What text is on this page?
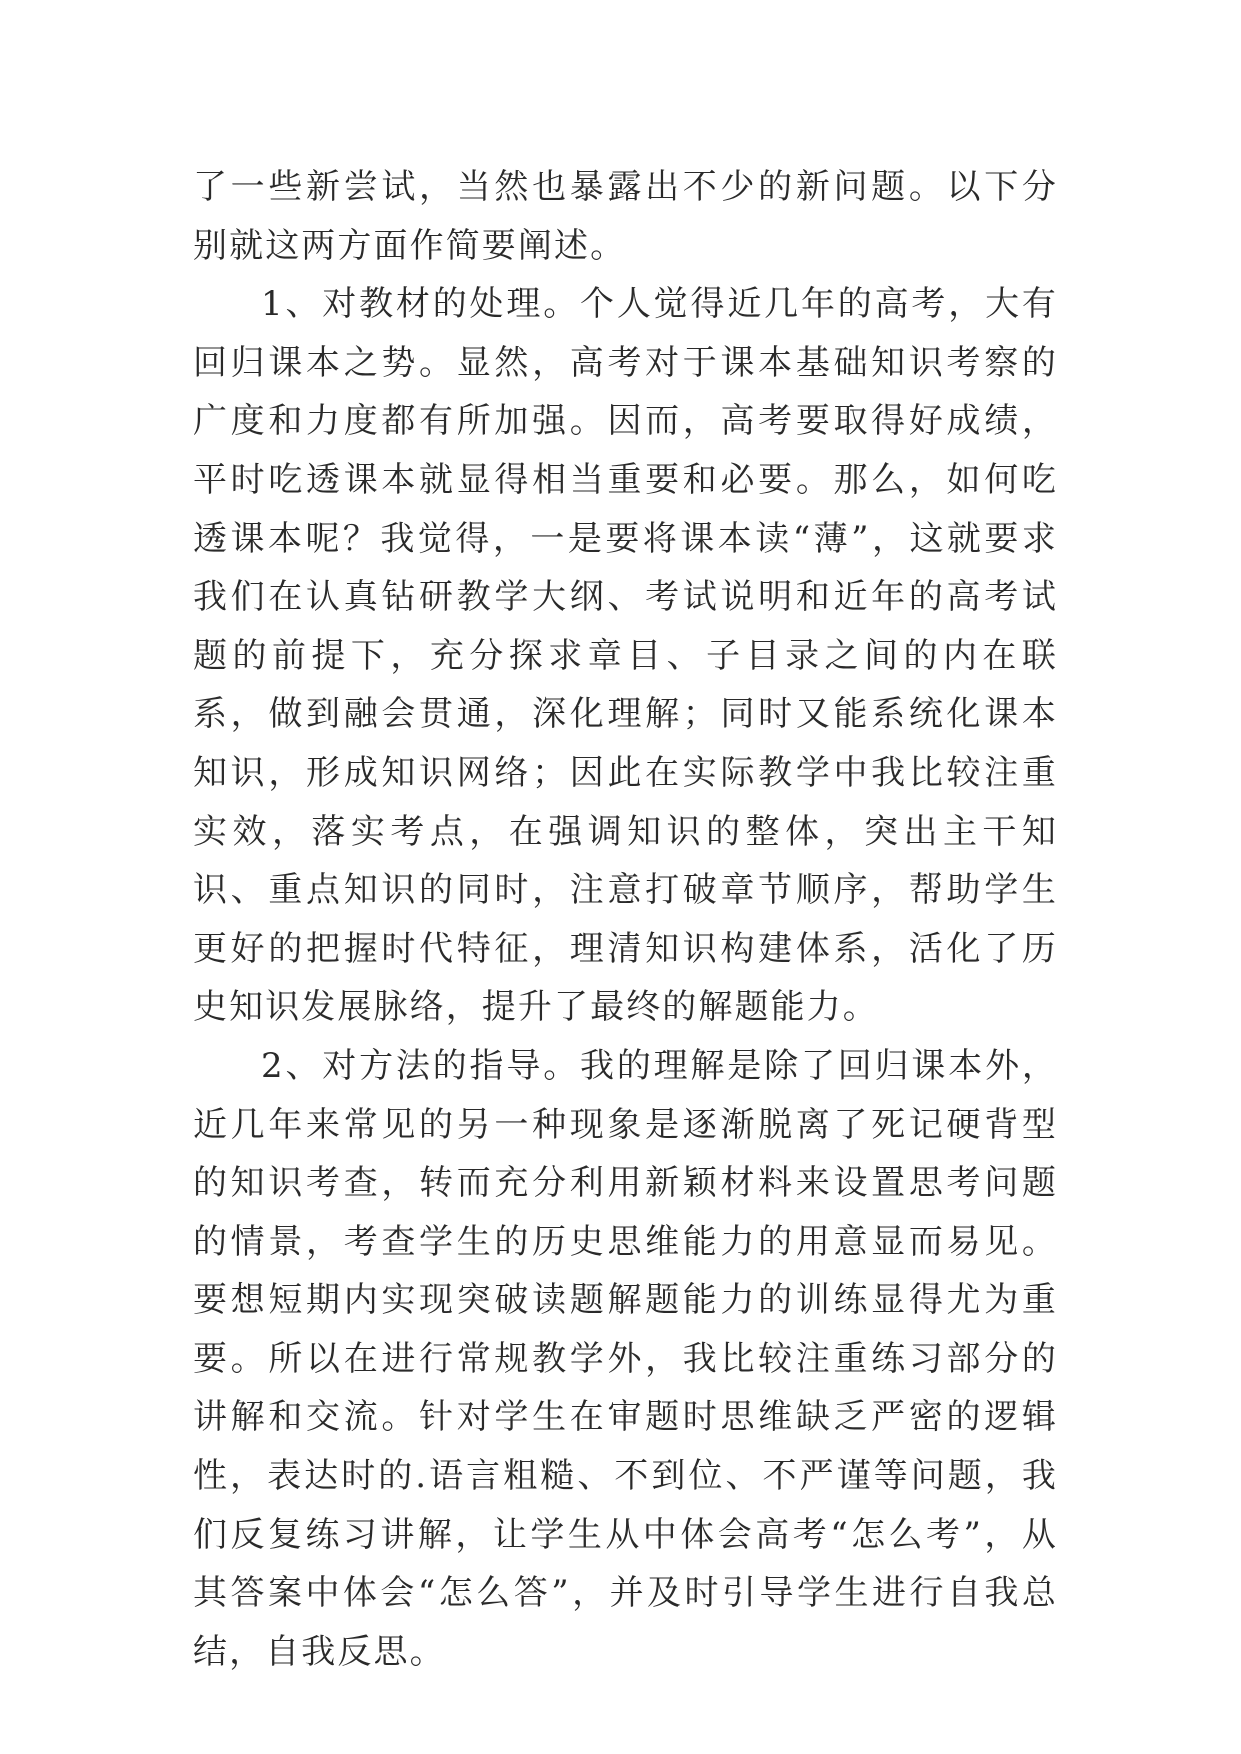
了一些新尝试，当然也暴露出不少的新问题。以下分别就这两方面作简要阐述。

1、对教材的处理。个人觉得近几年的高考，大有回归课本之势。显然，高考对于课本基础知识考察的广度和力度都有所加强。因而，高考要取得好成绩，平时吃透课本就显得相当重要和必要。那么，如何吃透课本呢？我觉得，一是要将课本读“薄”，这就要求我们在认真钻研教学大纲、考试说明和近年的高考试题的前提下，充分探求章目、子目录之间的内在联系，做到融会贯通，深化理解；同时又能系统化课本知识，形成知识网络；因此在实际教学中我比较注重实效，落实考点，在强调知识的整体，突出主干知识、重点知识的同时，注意打破章节顺序，帮助学生更好的把握时代特征，理清知识构建体系，活化了历史知识发展脉络，提升了最终的解题能力。

2、对方法的指导。我的理解是除了回归课本外，近几年来常见的另一种现象是逐渐脱离了死记硬背型的知识考查，转而充分利用新颖材料来设置思考问题的情景，考查学生的历史思维能力的用意显而易见。要想短期内实现突破读题解题能力的训练显得尤为重要。所以在进行常规教学外，我比较注重练习部分的讲解和交流。针对学生在审题时思维缺乏严密的逻辑性，表达时的.语言粗糙、不到位、不严谨等问题，我们反复练习讲解，让学生从中体会高考“怎么考”，从其答案中体会“怎么答”，并及时引导学生进行自我总结，自我反思。
